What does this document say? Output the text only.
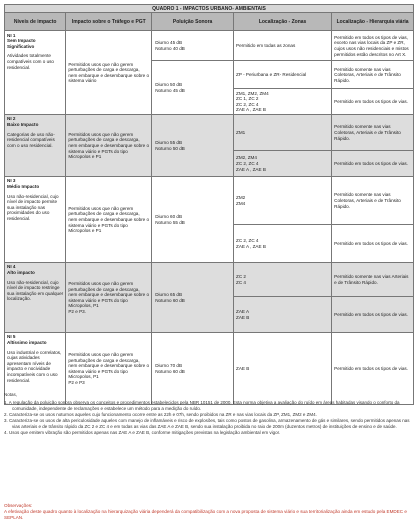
QUADRO 1 - IMPACTOS URBANO- AMBIENTAIS				
Níveis de impacto	Impacto sobre o Tráfego e PGT	Poluição Sonora	Localização - Zonas	Localização - Hierarquia viária

NI 1
Sem Impacto Significativo
Atividades totalmente compatíveis com o uso residencial.	Permitidos usos que não gerem perturbações de carga e descarga, nem embarque e desembarque sobre o sistema viário	Diurno 45 dB
Noturno 40 dB	Permitido em todas as zonas	Permitido em todos os tipos de vias, exceto nas vias locais da ZP e ZR, cujos usos não residenciais e mistos permitidos estão descritos no Art X.
		Diurno 50 dB
Noturno 45 dB	ZP - Periurbana e ZR- Residencial	Permitido somente nas vias Coletoras, Arteriais e de Trânsito Rápido.
			ZM1, ZM2, ZM4
ZC 1, ZC 2
ZC 2, ZC 4
ZAE A , ZAE B	Permitido em todos os tipos de vias.

NI 2
Baixo Impacto
Categorias de uso não-residencial compatíveis com o uso residencial.	Permitidos usos que não gerem perturbações de carga e descarga, nem embarque e desembarque sobre o sistema viário e PGTs do tipo Micropolos e P1	Diurno 55 dB
Noturno 50 dB	ZM1	Permitido somente nas vias Coletoras, Arteriais e de Trânsito Rápido.
			ZM2, ZM4
ZC 2, ZC 4
ZAE A , ZAE B	Permitido em todos os tipos de vias.

NI 3
Médio Impacto
Uso não-residencial, cujo nível de impacto permite sua instalação nas proximidades do uso residencial.	Permitidos usos que não gerem perturbações de carga e descarga, nem embarque e desembarque sobre o sistema viário e PGTs do tipo Micropolos e P1	Diurno 60 dB
Noturno 55 dB	ZM2
ZM4	Permitido somente nas vias Coletoras, Arteriais e de Trânsito Rápido.
			ZC 2, ZC 4
ZAE A , ZAE B	Permitido em todos os tipos de vias.

NI 4
Alto impacto
Uso não-residencial, cujo nível de impacto restringe sua instalação em qualquer localização.	Permitidos usos que não gerem perturbações de carga e descarga, nem embarque e desembarque sobre o sistema viário e PGTs do tipo Micropolos, P1
P2 e P3.	Diurno 65 dB
Noturno 60 dB	ZC 2
ZC 4	Permitido somente nas vias Arteriais e de Trânsito Rápido.
			ZAE A
ZAE B	Permitido em todos os tipos de vias.

NI 5
Altíssimo impacto
Uso industrial e correlatos, cujas atividades apresentam níveis de impacto e nocividade incompatíveis com o uso residencial.	Permitidos usos que não gerem perturbações de carga e descarga, nem embarque e desembarque sobre o sistema viário e PGTs do tipo Micropolos, P1
P2 e P3	Diurno 70 dB
Noturno 60 dB	ZAE B	Permitido em todos os tipos de vias.

Notas,

1. A regulação da poluição sonora observa os conceitos e procedimentos estabelecidos pela NBR 10151 de 2000. Esta norma objetiva a avaliação do ruído em áreas habitadas visando o conforto da comunidade, independente de reclamações e estabelece um método para a medição do ruído.

2. Caracteriza-se os usos noturnos aqueles cujo funcionamento ocorre entre as 22h e 07h, sendo proibidos na ZR e nas vias locais da ZP, ZM1, ZM2 e ZM4.

3. Caracteriza-se os usos de alta periculosidade aqueles com manejo de inflamáveis e risco de explosões, tais como postos de gasolina, armazenamento de gás e similares, sendo permitidos apenas nas vias arteriais e de trânsito rápido da ZC 2 e ZC 4 e em todas as vias das ZAE A e ZAE B, sendo sua instalação proibida no raio de 200m (duzentos metros) de instituições de ensino e de saúde.

4. Usos que emitem vibração são permitidos apenas nas ZAE A e ZAE B, conforme mitigações previstas na legislação ambiental em vigor.

Observações:

A efetivação deste quadro quanto à localização na hierarquização viária dependerá da compatibilização com a nova proposta de sistema viário e sua territorialização ainda em estudo pela EMDEC e SEPLAN.
